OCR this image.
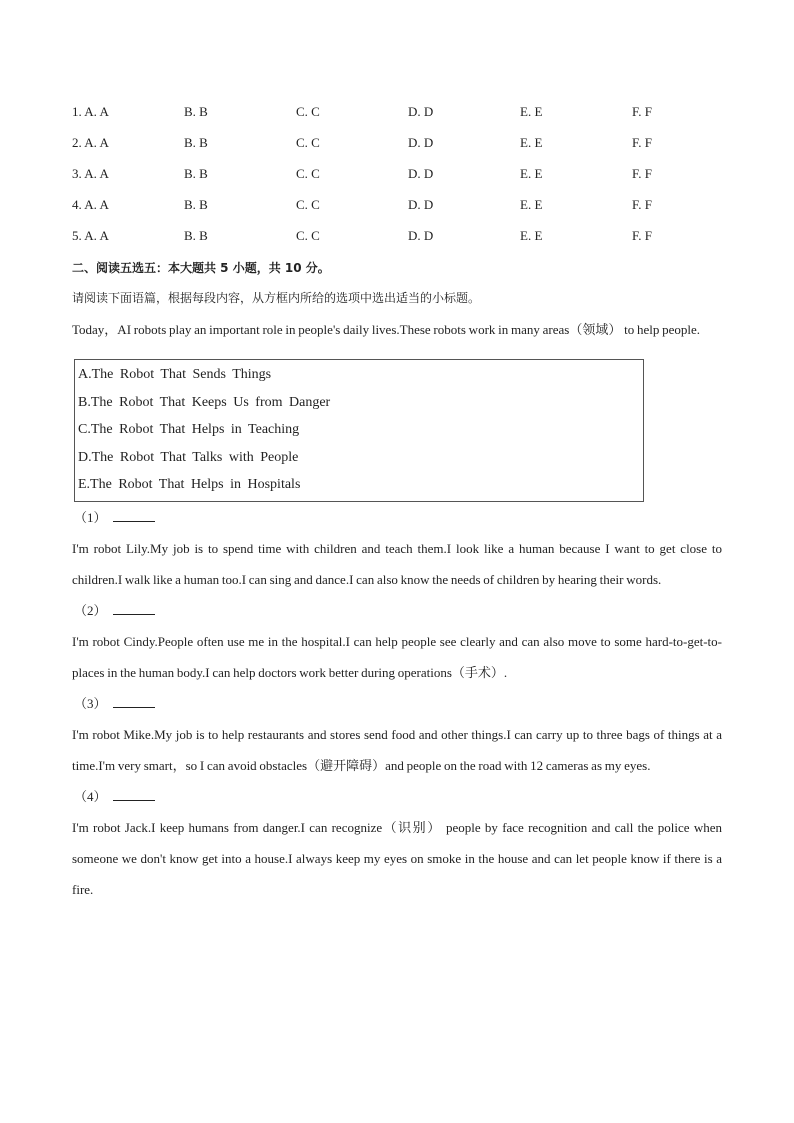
1. A. A	B. B	C. C	D. D	E. E	F. F
2. A. A	B. B	C. C	D. D	E. E	F. F
3. A. A	B. B	C. C	D. D	E. E	F. F
4. A. A	B. B	C. C	D. D	E. E	F. F
5. A. A	B. B	C. C	D. D	E. E	F. F
二、阅读五选五：本大题共 5 小题，共 10 分。
请阅读下面语篇，根据每段内容，从方框内所给的选项中选出适当的小标题。
Today，AI robots play an important role in people's daily lives.These robots work in many areas（领域） to help people.
A.The Robot That Sends Things
B.The Robot That Keeps Us from Danger
C.The Robot That Helps in Teaching
D.The Robot That Talks with People
E.The Robot That Helps in Hospitals
（1）
I'm robot Lily.My job is to spend time with children and teach them.I look like a human because I want to get close to children.I walk like a human too.I can sing and dance.I can also know the needs of children by hearing their words.
（2）
I'm robot Cindy.People often use me in the hospital.I can help people see clearly and can also move to some hard-to-get-to-places in the human body.I can help doctors work better during operations（手术）.
（3）
I'm robot Mike.My job is to help restaurants and stores send food and other things.I can carry up to three bags of things at a time.I'm very smart，so I can avoid obstacles（避开障碍）and people on the road with 12 cameras as my eyes.
（4）
I'm robot Jack.I keep humans from danger.I can recognize（识别） people by face recognition and call the police when someone we don't know get into a house.I always keep my eyes on smoke in the house and can let people know if there is a fire.
